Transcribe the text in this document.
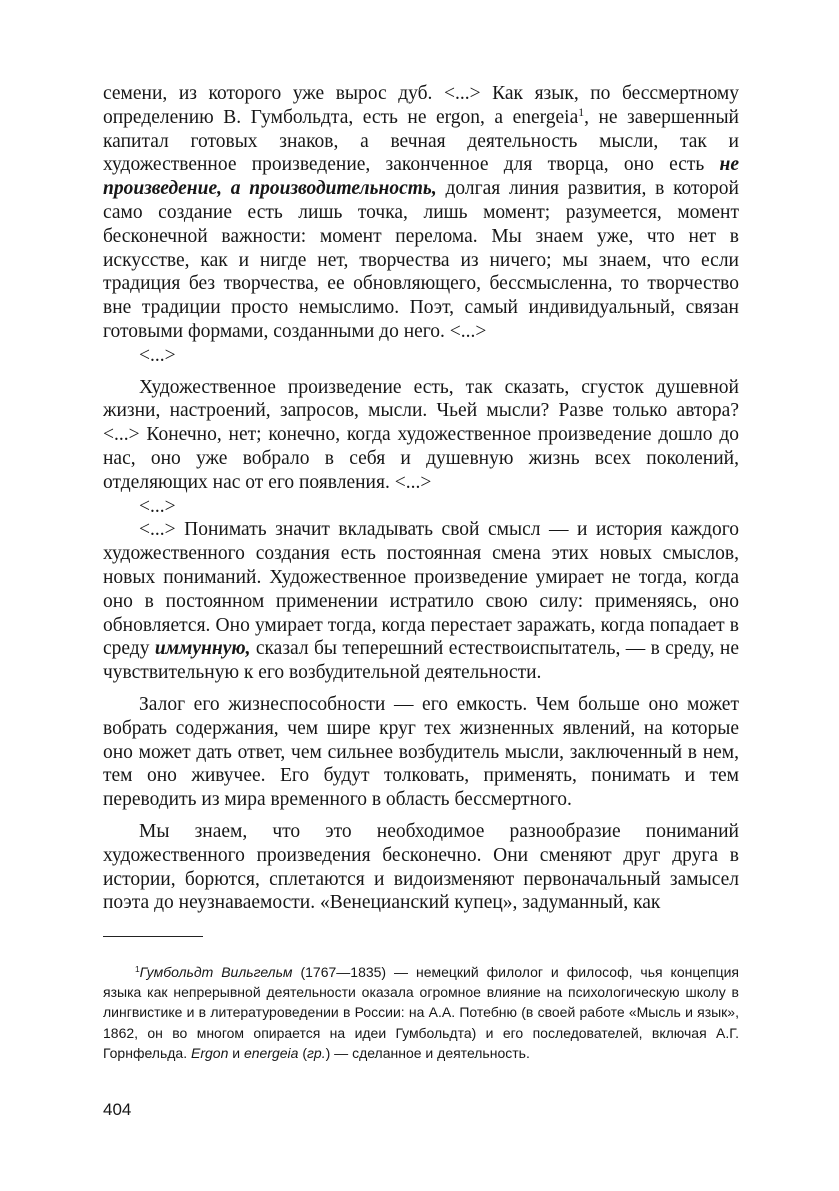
семени, из которого уже вырос дуб. <...> Как язык, по бессмертному определению В. Гумбольдта, есть не ergon, а energeia$^1$, не завершенный капитал готовых знаков, а вечная деятельность мысли, так и художественное произведение, законченное для творца, оно есть не произведение, а производительность, долгая линия развития, в которой само создание есть лишь точка, лишь момент; разумеется, момент бесконечной важности: момент перелома. Мы знаем уже, что нет в искусстве, как и нигде нет, творчества из ничего; мы знаем, что если традиция без творчества, ее обновляющего, бессмысленна, то творчество вне традиции просто немыслимо. Поэт, самый индивидуальный, связан готовыми формами, созданными до него. <...>

<...>

Художественное произведение есть, так сказать, сгусток душевной жизни, настроений, запросов, мысли. Чьей мысли? Разве только автора? <...> Конечно, нет; конечно, когда художественное произведение дошло до нас, оно уже вобрало в себя и душевную жизнь всех поколений, отделяющих нас от его появления. <...>

<...>

<...> Понимать значит вкладывать свой смысл — и история каждого художественного создания есть постоянная смена этих новых смыслов, новых пониманий. Художественное произведение умирает не тогда, когда оно в постоянном применении истратило свою силу: применяясь, оно обновляется. Оно умирает тогда, когда перестает заражать, когда попадает в среду иммунную, сказал бы теперешний естествоиспытатель, — в среду, не чувствительную к его возбудительной деятельности.

Залог его жизнеспособности — его емкость. Чем больше оно может вобрать содержания, чем шире круг тех жизненных явлений, на которые оно может дать ответ, чем сильнее возбудитель мысли, заключенный в нем, тем оно живучее. Его будут толковать, применять, понимать и тем переводить из мира временного в область бессмертного.

Мы знаем, что это необходимое разнообразие пониманий художественного произведения бесконечно. Они сменяют друг друга в истории, борются, сплетаются и видоизменяют первоначальный замысел поэта до неузнаваемости. «Венецианский купец», задуманный, как

$^1$Гумбольдт Вильгельм (1767—1835) — немецкий филолог и философ, чья концепция языка как непрерывной деятельности оказала огромное влияние на психологическую школу в лингвистике и в литературоведении в России: на А.А. Потебню (в своей работе «Мысль и язык», 1862, он во многом опирается на идеи Гумбольдта) и его последователей, включая А.Г. Горнфельда. Ergon и energeia (гр.) — сделанное и деятельность.

404
